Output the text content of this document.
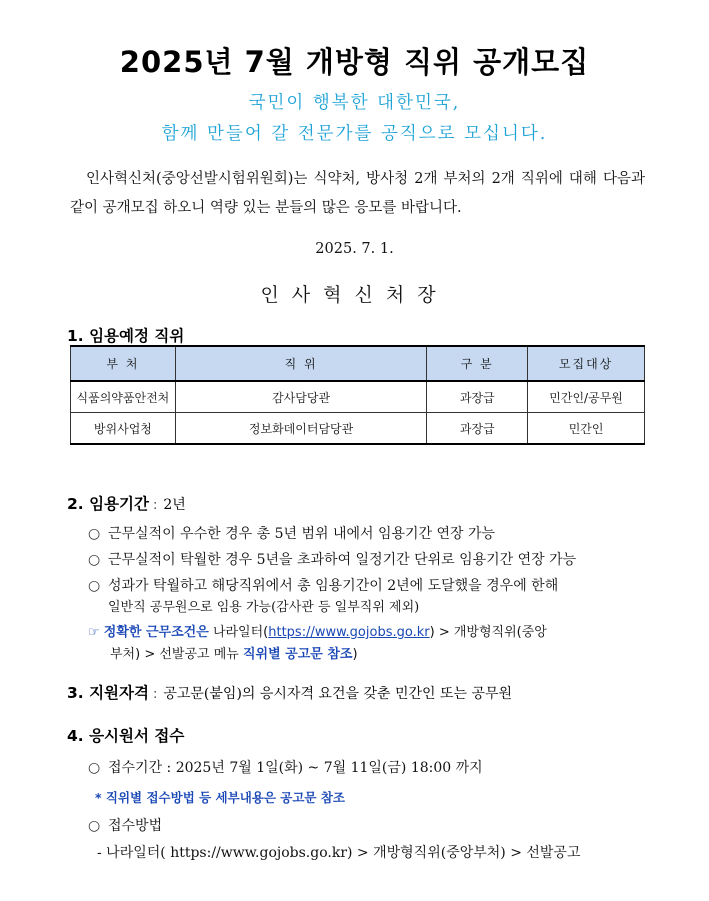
2025년 7월 개방형 직위 공개모집
국민이 행복한 대한민국,
함께 만들어 갈 전문가를 공직으로 모십니다.
인사혁신처(중앙선발시험위원회)는 식약처, 방사청 2개 부처의 2개 직위에 대해 다음과 같이 공개모집 하오니 역량 있는 분들의 많은 응모를 바랍니다.
2025. 7. 1.
인사혁신처장
1. 임용예정 직위
부 처	직 위	구 분	모집대상
식품의약품안전처	감사담당관	과장급	민간인/공무원
방위사업청	정보화데이터담당관	과장급	민간인
2. 임용기간 : 2년
○ 근무실적이 우수한 경우 총 5년 범위 내에서 임용기간 연장 가능
○ 근무실적이 탁월한 경우 5년을 초과하여 일정기간 단위로 임용기간 연장 가능
○ 성과가 탁월하고 해당직위에서 총 임용기간이 2년에 도달했을 경우에 한해
일반직 공무원으로 임용 가능(감사관 등 일부직위 제외)
☞ 정확한 근무조건은 나라일터(https://www.gojobs.go.kr) > 개방형직위(중앙
부처) > 선발공고 메뉴 직위별 공고문 참조)
3. 지원자격 : 공고문(붙임)의 응시자격 요건을 갖춘 민간인 또는 공무원
4. 응시원서 접수
○ 접수기간 : 2025년 7월 1일(화) ~ 7월 11일(금) 18:00 까지
* 직위별 접수방법 등 세부내용은 공고문 참조
○ 접수방법
- 나라일터( https://www.gojobs.go.kr) > 개방형직위(중앙부처) > 선발공고
